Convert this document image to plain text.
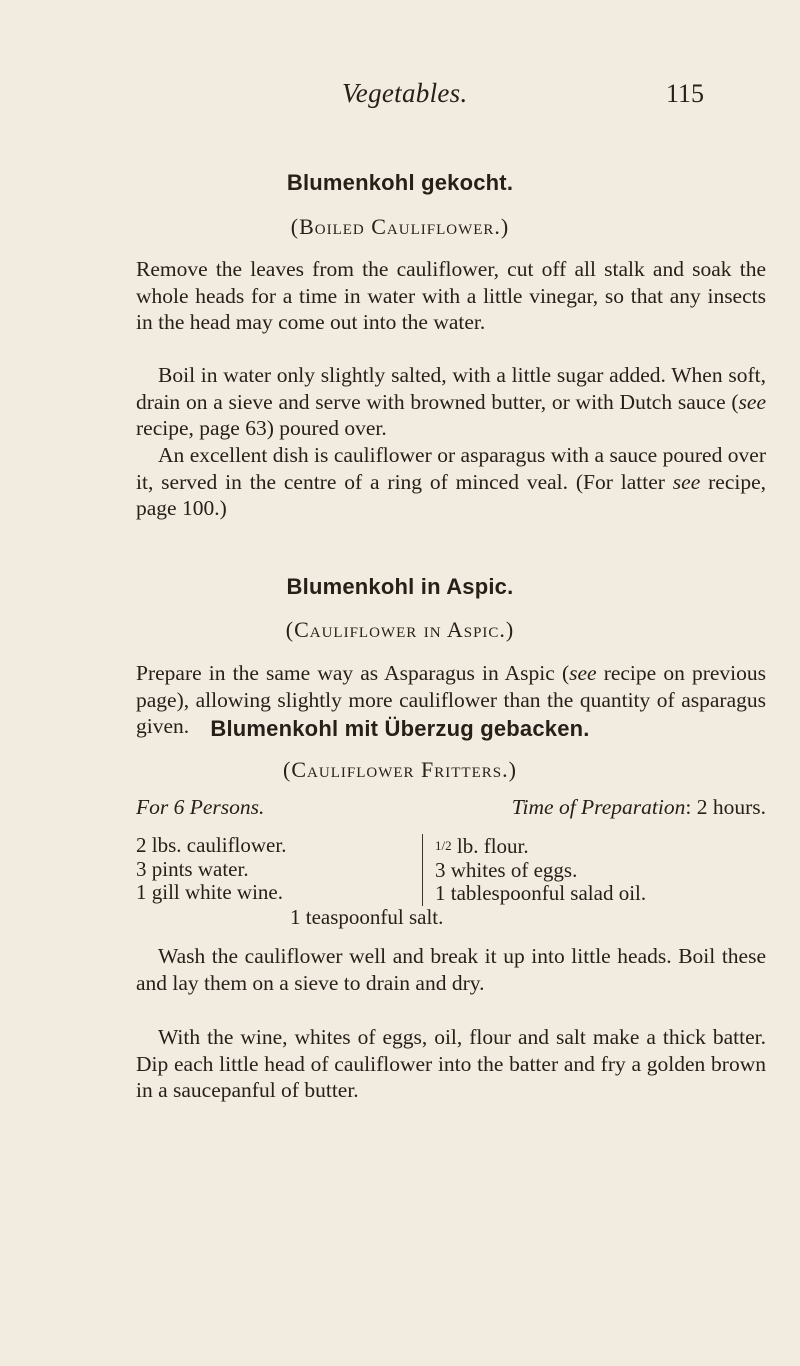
Vegetables.	115
Blumenkohl gekocht.
(Boiled Cauliflower.)

Remove the leaves from the cauliflower, cut off all stalk and soak the whole heads for a time in water with a little vinegar, so that any insects in the head may come out into the water.

Boil in water only slightly salted, with a little sugar added. When soft, drain on a sieve and serve with browned butter, or with Dutch sauce (see recipe, page 63) poured over.

An excellent dish is cauliflower or asparagus with a sauce poured over it, served in the centre of a ring of minced veal. (For latter see recipe, page 100.)

Blumenkohl in Aspic.
(Cauliflower in Aspic.)

Prepare in the same way as Asparagus in Aspic (see recipe on previous page), allowing slightly more cauliflower than the quantity of asparagus given. Blumenkohl mit Überzug gebacken.
(Cauliflower Fritters.)
For 6 Persons.	Time of Preparation: 2 hours.
2 lbs. cauliflower.
3 pints water.
1 gill white wine.
1/2 lb. flour.
3 whites of eggs.
1 tablespoonful salad oil.
1 teaspoonful salt.

Wash the cauliflower well and break it up into little heads. Boil these and lay them on a sieve to drain and dry.

With the wine, whites of eggs, oil, flour and salt make a thick batter. Dip each little head of cauliflower into the batter and fry a golden brown in a saucepanful of butter.
